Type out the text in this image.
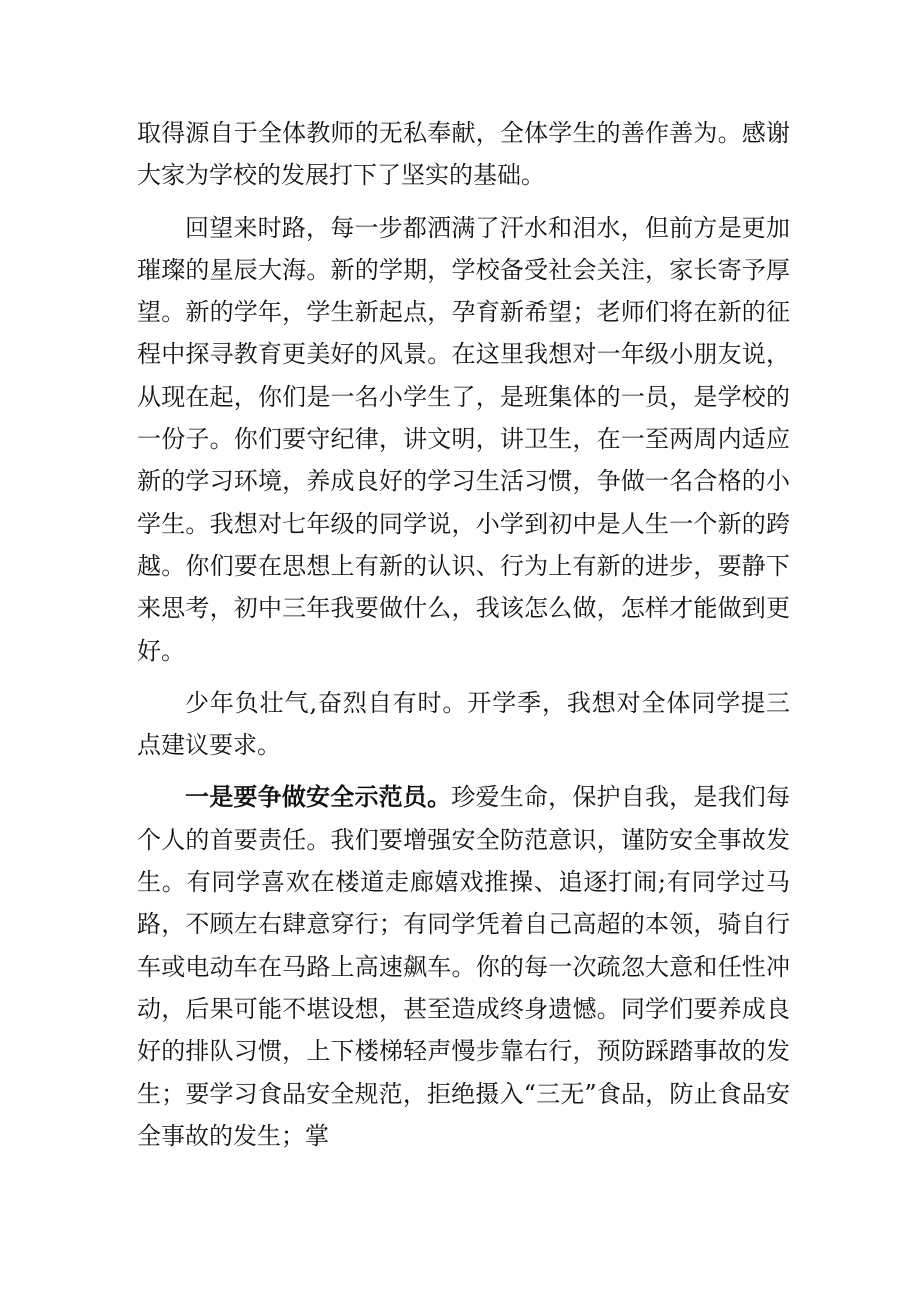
取得源自于全体教师的无私奉献，全体学生的善作善为。感谢大家为学校的发展打下了坚实的基础。

回望来时路，每一步都洒满了汗水和泪水，但前方是更加璀璨的星辰大海。新的学期，学校备受社会关注，家长寄予厚望。新的学年，学生新起点，孕育新希望；老师们将在新的征程中探寻教育更美好的风景。在这里我想对一年级小朋友说，从现在起，你们是一名小学生了，是班集体的一员，是学校的一份子。你们要守纪律，讲文明，讲卫生，在一至两周内适应新的学习环境，养成良好的学习生活习惯，争做一名合格的小学生。我想对七年级的同学说，小学到初中是人生一个新的跨越。你们要在思想上有新的认识、行为上有新的进步，要静下来思考，初中三年我要做什么，我该怎么做，怎样才能做到更好。

少年负壮气,奋烈自有时。开学季，我想对全体同学提三点建议要求。

一是要争做安全示范员。珍爱生命，保护自我，是我们每个人的首要责任。我们要增强安全防范意识，谨防安全事故发生。有同学喜欢在楼道走廊嬉戏推操、追逐打闹;有同学过马路，不顾左右肆意穿行；有同学凭着自己高超的本领，骑自行车或电动车在马路上高速飙车。你的每一次疏忽大意和任性冲动，后果可能不堪设想，甚至造成终身遗憾。同学们要养成良好的排队习惯，上下楼梯轻声慢步靠右行，预防踩踏事故的发生；要学习食品安全规范，拒绝摄入“三无”食品，防止食品安全事故的发生；掌
